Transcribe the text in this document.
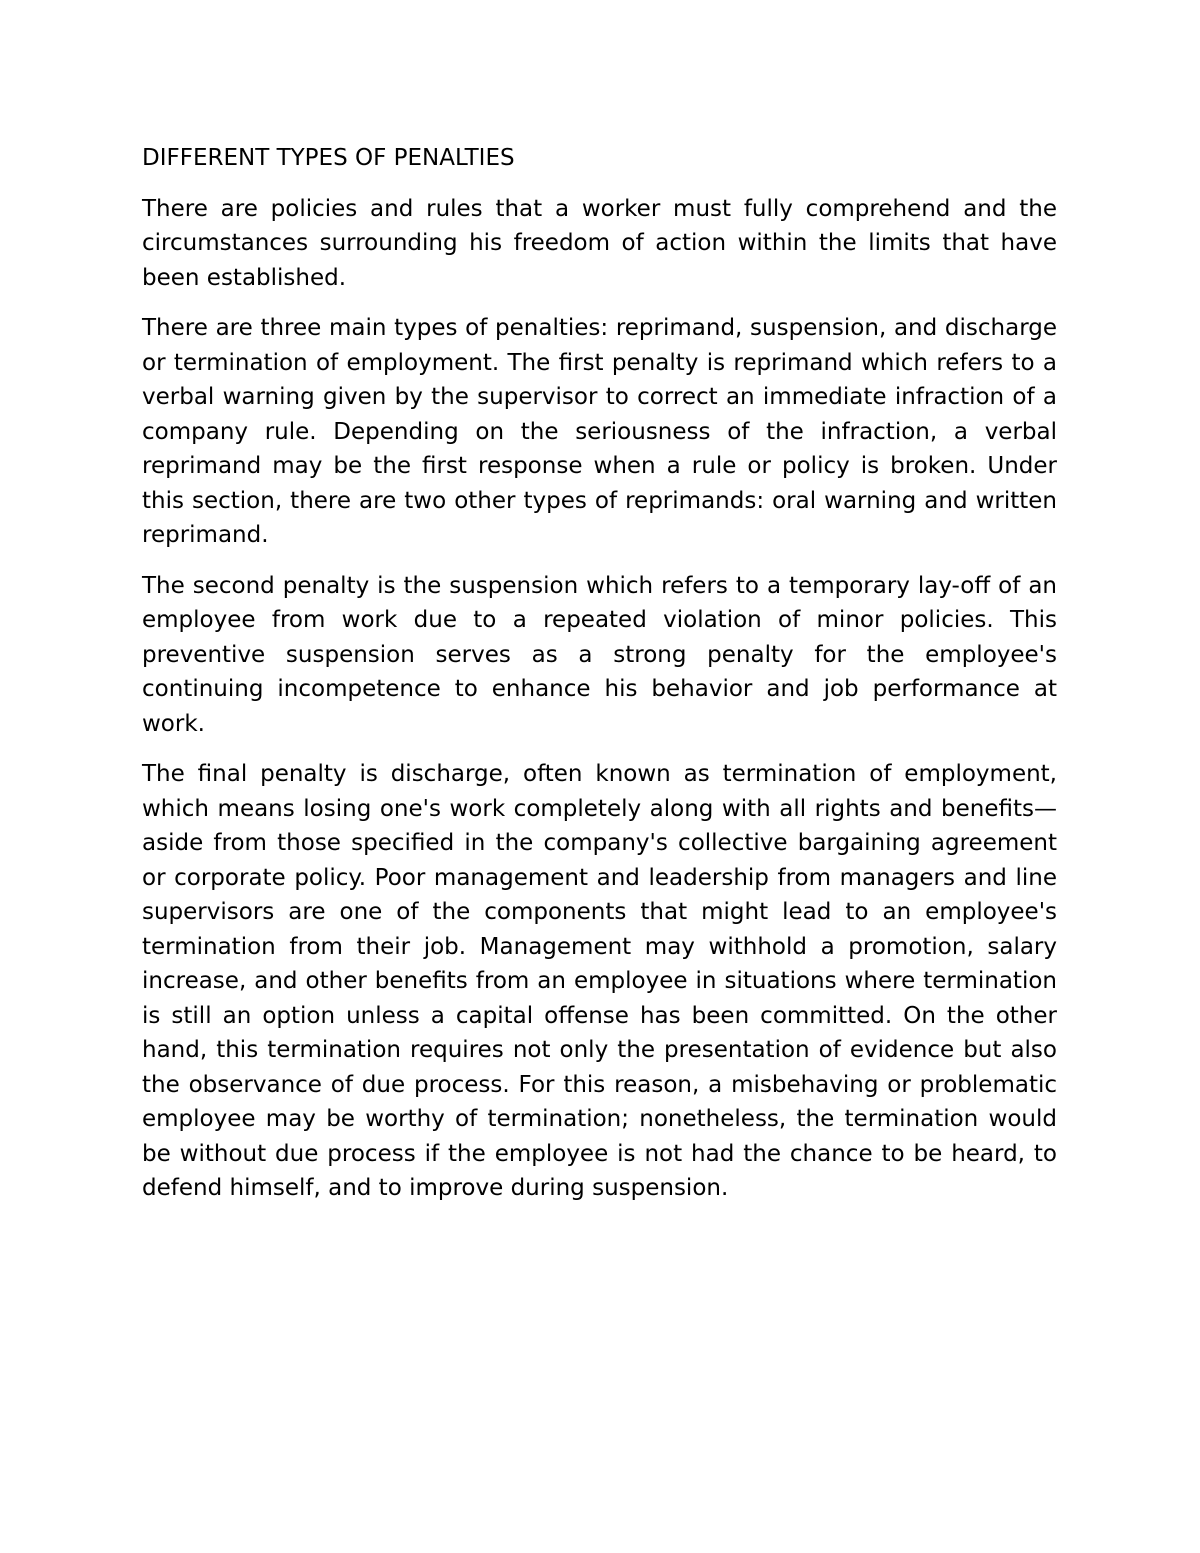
DIFFERENT TYPES OF PENALTIES

There are policies and rules that a worker must fully comprehend and the circumstances surrounding his freedom of action within the limits that have been established.

There are three main types of penalties: reprimand, suspension, and discharge or termination of employment. The first penalty is reprimand which refers to a verbal warning given by the supervisor to correct an immediate infraction of a company rule. Depending on the seriousness of the infraction, a verbal reprimand may be the first response when a rule or policy is broken. Under this section, there are two other types of reprimands: oral warning and written reprimand.

The second penalty is the suspension which refers to a temporary lay-off of an employee from work due to a repeated violation of minor policies. This preventive suspension serves as a strong penalty for the employee's continuing incompetence to enhance his behavior and job performance at work.

The final penalty is discharge, often known as termination of employment, which means losing one's work completely along with all rights and benefits—aside from those specified in the company's collective bargaining agreement or corporate policy. Poor management and leadership from managers and line supervisors are one of the components that might lead to an employee's termination from their job. Management may withhold a promotion, salary increase, and other benefits from an employee in situations where termination is still an option unless a capital offense has been committed. On the other hand, this termination requires not only the presentation of evidence but also the observance of due process. For this reason, a misbehaving or problematic employee may be worthy of termination; nonetheless, the termination would be without due process if the employee is not had the chance to be heard, to defend himself, and to improve during suspension.
